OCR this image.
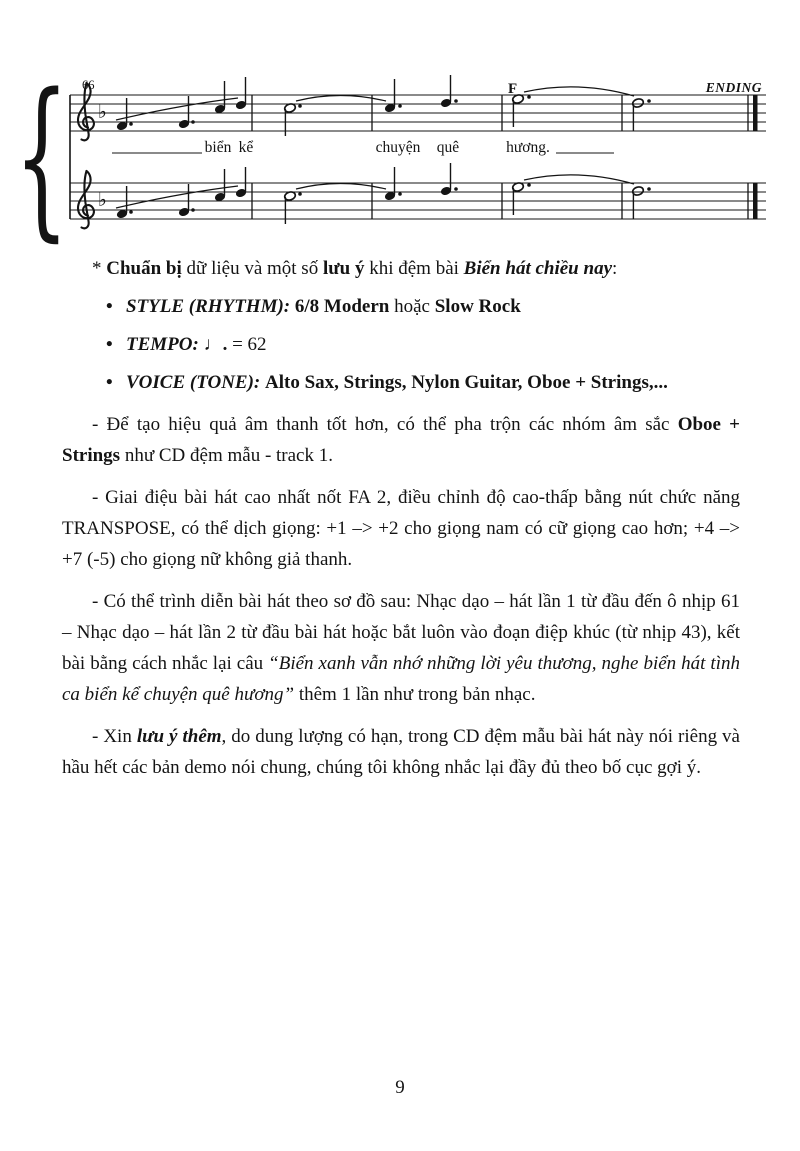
{ 66	ENDING
F
♭
biển kể	chuyện quê	hương.
♭

* Chuẩn bị dữ liệu và một số lưu ý khi đệm bài Biển hát chiều nay:

• STYLE (RHYTHM): 6/8 Modern hoặc Slow Rock
• TEMPO: ♩. = 62
• VOICE (TONE): Alto Sax, Strings, Nylon Guitar, Oboe + Strings,...

- Để tạo hiệu quả âm thanh tốt hơn, có thể pha trộn các nhóm âm sắc Oboe + Strings như CD đệm mẫu - track 1.

- Giai điệu bài hát cao nhất nốt FA 2, điều chỉnh độ cao-thấp bằng nút chức năng TRANSPOSE, có thể dịch giọng: +1 –> +2 cho giọng nam có cữ giọng cao hơn; +4 –> +7 (-5) cho giọng nữ không giả thanh.

- Có thể trình diễn bài hát theo sơ đồ sau: Nhạc dạo – hát lần 1 từ đầu đến ô nhịp 61 – Nhạc dạo – hát lần 2 từ đầu bài hát hoặc bắt luôn vào đoạn điệp khúc (từ nhịp 43), kết bài bằng cách nhắc lại câu “Biển xanh vẫn nhớ những lời yêu thương, nghe biển hát tình ca biển kể chuyện quê hương” thêm 1 lần như trong bản nhạc.

- Xin lưu ý thêm, do dung lượng có hạn, trong CD đệm mẫu bài hát này nói riêng và hầu hết các bản demo nói chung, chúng tôi không nhắc lại đầy đủ theo bố cục gợi ý.

9
